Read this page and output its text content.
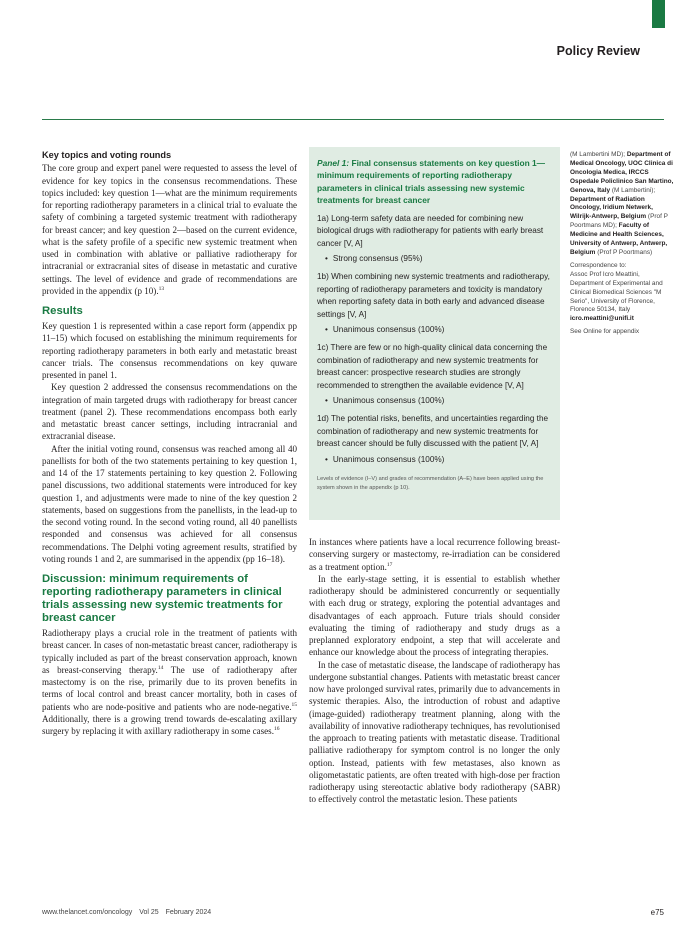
Policy Review
Key topics and voting rounds

The core group and expert panel were requested to assess the level of evidence for key topics in the consensus recommendations. These topics included: key question 1—what are the minimum requirements for reporting radiotherapy parameters in a clinical trial to evaluate the safety of combining a targeted systemic treatment with radiotherapy for breast cancer; and key question 2—based on the current evidence, what is the safety profile of a specific new systemic treatment when used in combination with ablative or palliative radiotherapy for intracranial or extracranial sites of disease in metastatic and curative settings. The level of evidence and grade of recommendations are provided in the appendix (p 10).$^{13}$

Results

Key question 1 is represented within a case report form (appendix pp 11–15) which focused on establishing the minimum requirements for reporting radiotherapy parameters in both early and metastatic breast cancer trials. The consensus recommendations on key quware presented in panel 1.

Key question 2 addressed the consensus recommendations on the integration of main targeted drugs with radiotherapy for breast cancer treatment (panel 2). These recommendations encompass both early and metastatic breast cancer settings, including intracranial and extracranial disease.

After the initial voting round, consensus was reached among all 40 panellists for both of the two statements pertaining to key question 1, and 14 of the 17 statements pertaining to key question 2. Following panel discussions, two additional statements were introduced for key question 1, and adjustments were made to nine of the key question 2 statements, based on suggestions from the panellists, in the lead-up to the second voting round. In the second voting round, all 40 panellists responded and consensus was achieved for all consensus recommendations. The Delphi voting agreement results, stratified by voting rounds 1 and 2, are summarised in the appendix (pp 16–18).

Discussion: minimum requirements of reporting radiotherapy parameters in clinical trials assessing new systemic treatments for breast cancer

Radiotherapy plays a crucial role in the treatment of patients with breast cancer. In cases of non-metastatic breast cancer, radiotherapy is typically included as part of the breast conservation approach, known as breast-conserving therapy.$^{14}$ The use of radiotherapy after mastectomy is on the rise, primarily due to its proven benefits in terms of local control and breast cancer mortality, both in cases of patients who are node-positive and patients who are node-negative.$^{15}$ Additionally, there is a growing trend towards de-escalating axillary surgery by replacing it with axillary radiotherapy in some cases.$^{16}$

Panel 1: Final consensus statements on key question 1—minimum requirements of reporting radiotherapy parameters in clinical trials assessing new systemic treatments for breast cancer
1a) Long-term safety data are needed for combining new biological drugs with radiotherapy for patients with early breast cancer [V, A]
• Strong consensus (95%)
1b) When combining new systemic treatments and radiotherapy, reporting of radiotherapy parameters and toxicity is mandatory when reporting safety data in both early and advanced disease settings [V, A]
• Unanimous consensus (100%)
1c) There are few or no high-quality clinical data concerning the combination of radiotherapy and new systemic treatments for breast cancer: prospective research studies are strongly recommended to strengthen the available evidence [V, A]
• Unanimous consensus (100%)
1d) The potential risks, benefits, and uncertainties regarding the combination of radiotherapy and new systemic treatments for breast cancer should be fully discussed with the patient [V, A]
• Unanimous consensus (100%)
Levels of evidence (I–V) and grades of recommendation (A–E) have been applied using the system shown in the appendix (p 10).

In instances where patients have a local recurrence following breast-conserving surgery or mastectomy, re-irradiation can be considered as a treatment option.$^{17}$

In the early-stage setting, it is essential to establish whether radiotherapy should be administered concurrently or sequentially with each drug or strategy, exploring the potential advantages and disadvantages of each approach. Future trials should consider evaluating the timing of radiotherapy and study drugs as a preplanned exploratory endpoint, a step that will accelerate and enhance our knowledge about the process of integrating therapies.

In the case of metastatic disease, the landscape of radiotherapy has undergone substantial changes. Patients with metastatic breast cancer now have prolonged survival rates, primarily due to advancements in systemic therapies. Also, the introduction of robust and adaptive (image-guided) radiotherapy treatment planning, along with the availability of innovative radiotherapy techniques, has revolutionised the approach to treating patients with metastatic disease. Traditional palliative radiotherapy for symptom control is no longer the only option. Instead, patients with few metastases, also known as oligometastatic patients, are often treated with high-dose per fraction radiotherapy using stereotactic ablative body radiotherapy (SABR) to effectively control the metastatic lesion. These patients

(M Lambertini MD); Department of Medical Oncology, UOC Clinica di Oncologia Medica, IRCCS Ospedale Policlinico San Martino, Genova, Italy (M Lambertini); Department of Radiation Oncology, Iridium Netwerk, Wilrijk-Antwerp, Belgium (Prof P Poortmans MD); Faculty of Medicine and Health Sciences, University of Antwerp, Antwerp, Belgium (Prof P Poortmans)

Correspondence to:
Assoc Prof Icro Meattini, Department of Experimental and Clinical Biomedical Sciences "M Serio", University of Florence, Florence 50134, Italy
icro.meattini@unifi.it

See Online for appendix

www.thelancet.com/oncology Vol 25 February 2024	e75
